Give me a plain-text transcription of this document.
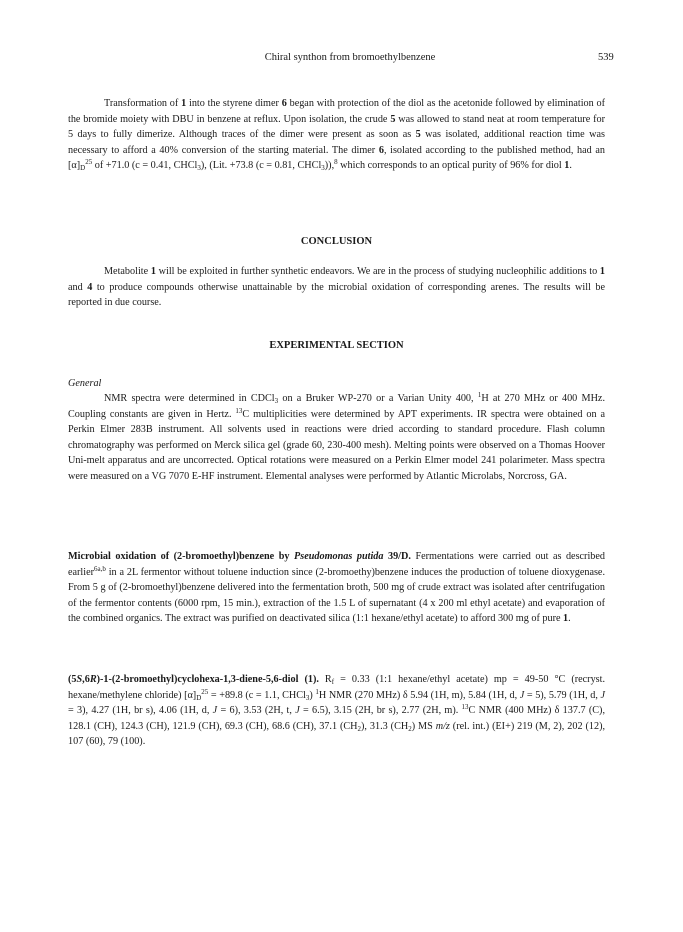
Chiral synthon from bromoethylbenzene	539

Transformation of 1 into the styrene dimer 6 began with protection of the diol as the acetonide followed by elimination of the bromide moiety with DBU in benzene at reflux. Upon isolation, the crude 5 was allowed to stand neat at room temperature for 5 days to fully dimerize. Although traces of the dimer were present as soon as 5 was isolated, additional reaction time was necessary to afford a 40% conversion of the starting material. The dimer 6, isolated according to the published method, had an $[\alpha]_D^{25}$ of +71.0 (c = 0.41, CHCl$_3$), (Lit. +73.8 (c = 0.81, CHCl$_3$)),$^8$ which corresponds to an optical purity of 96% for diol 1.

CONCLUSION

Metabolite 1 will be exploited in further synthetic endeavors. We are in the process of studying nucleophilic additions to 1 and 4 to produce compounds otherwise unattainable by the microbial oxidation of corresponding arenes. The results will be reported in due course.

EXPERIMENTAL SECTION
General

NMR spectra were determined in CDCl$_3$ on a Bruker WP-270 or a Varian Unity 400, $^1$H at 270 MHz or 400 MHz. Coupling constants are given in Hertz. $^{13}$C multiplicities were determined by APT experiments. IR spectra were obtained on a Perkin Elmer 283B instrument. All solvents used in reactions were dried according to standard procedure. Flash column chromatography was performed on Merck silica gel (grade 60, 230-400 mesh). Melting points were observed on a Thomas Hoover Uni-melt apparatus and are uncorrected. Optical rotations were measured on a Perkin Elmer model 241 polarimeter. Mass spectra were measured on a VG 7070 E-HF instrument. Elemental analyses were performed by Atlantic Microlabs, Norcross, GA.

Microbial oxidation of (2-bromoethyl)benzene by Pseudomonas putida 39/D. Fermentations were carried out as described earlier$^{6a,b}$ in a 2L fermentor without toluene induction since (2-bromoethy)benzene induces the production of toluene dioxygenase. From 5 g of (2-bromoethyl)benzene delivered into the fermentation broth, 500 mg of crude extract was isolated after centrifugation of the fermentor contents (6000 rpm, 15 min.), extraction of the 1.5 L of supernatant (4 x 200 ml ethyl acetate) and evaporation of the combined organics. The extract was purified on deactivated silica (1:1 hexane/ethyl acetate) to afford 300 mg of pure 1.

(5S,6R)-1-(2-bromoethyl)cyclohexa-1,3-diene-5,6-diol (1). $R_f = 0.33$ (1:1 hexane/ethyl acetate) mp = 49-50 °C (recryst. hexane/methylene chloride) $[\alpha]_D^{25} = +89.8$ (c = 1.1, CHCl$_3$) $^1$H NMR (270 MHz) δ 5.94 (1H, m), 5.84 (1H, d, J = 5), 5.79 (1H, d, J = 3), 4.27 (1H, br s), 4.06 (1H, d, J = 6), 3.53 (2H, t, J = 6.5), 3.15 (2H, br s), 2.77 (2H, m). $^{13}$C NMR (400 MHz) δ 137.7 (C), 128.1 (CH), 124.3 (CH), 121.9 (CH), 69.3 (CH), 68.6 (CH), 37.1 $(CH_2)$, 31.3 $(CH_2)$ MS m/z (rel. int.) (EI+) 219 (M, 2), 202 (12), 107 (60), 79 (100).
